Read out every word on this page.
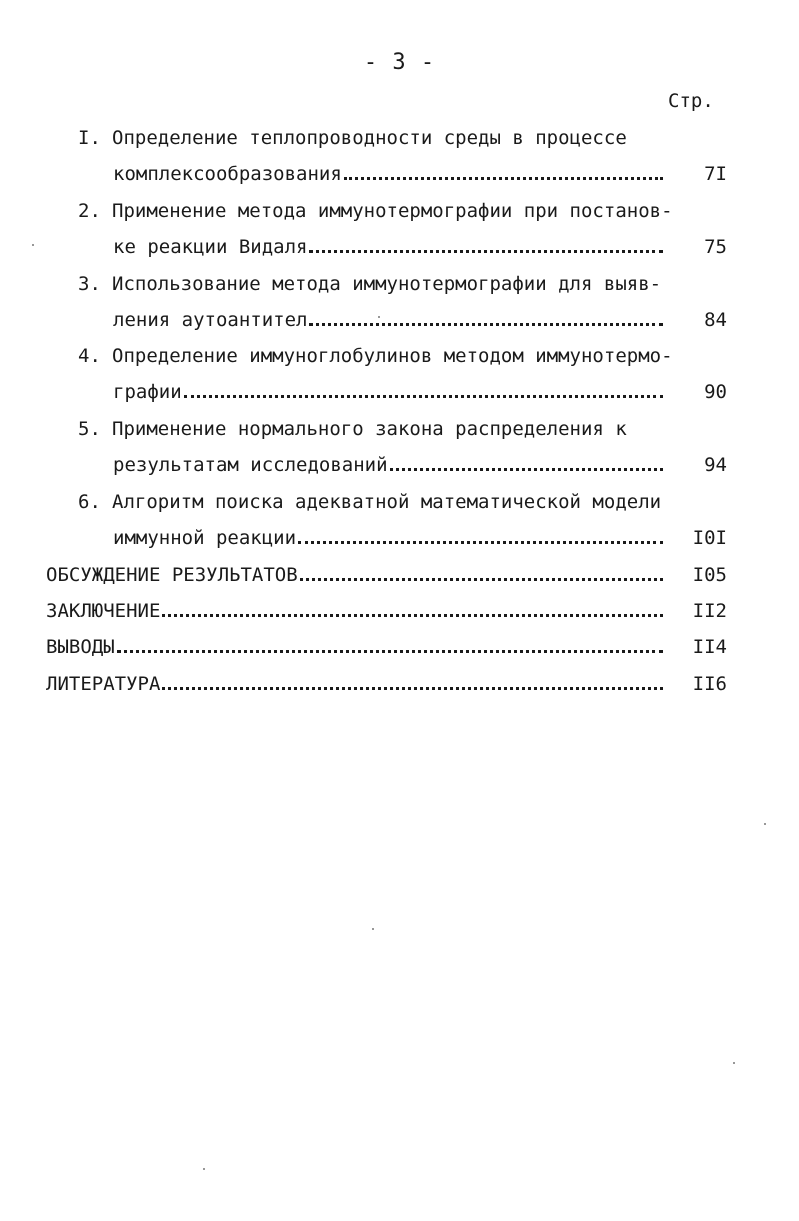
- 3 -
Стр.
I. Определение теплопроводности среды в процессе
комплексообразования	7I
2. Применение метода иммунотермографии при постанов-
ке реакции Видаля	75
3. Использование метода иммунотермографии для выяв-
ления аутоантител	84
4. Определение иммуноглобулинов методом иммунотермо-
графии	90
5. Применение нормального закона распределения к
результатам исследований	94
6. Алгоритм поиска адекватной математической модели
иммунной реакции	I0I
ОБСУЖДЕНИЕ РЕЗУЛЬТАТОВ	I05
ЗАКЛЮЧЕНИЕ	II2
ВЫВОДЫ	II4
ЛИТЕРАТУРА	II6
